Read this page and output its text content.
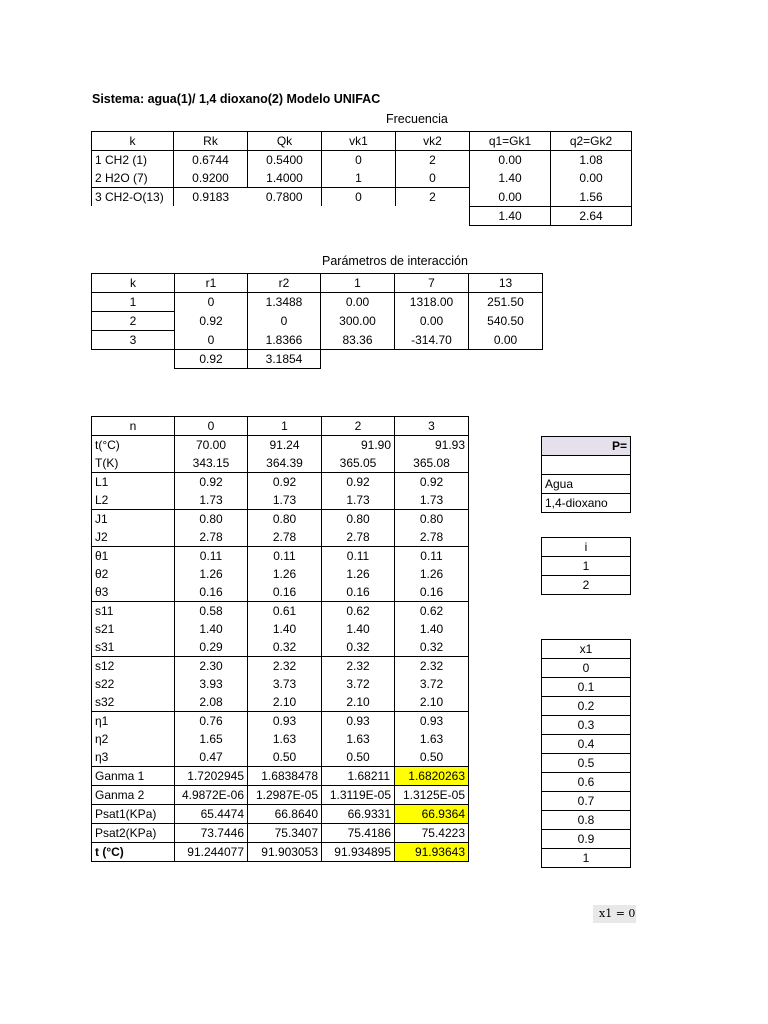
Sistema: agua(1)/ 1,4 dioxano(2) Modelo UNIFAC
Frecuencia
k	Rk	Qk	vk1	vk2	q1=Gk1	q2=Gk2
1 CH2 (1)	0.6744	0.5400	0	2	0.00	1.08
2 H2O (7)	0.9200	1.4000	1	0	1.40	0.00
3 CH2-O(13)	0.9183	0.7800	0	2	0.00	1.56
					1.40	2.64
Parámetros de interacción
k	r1	r2	1	7	13
1	0	1.3488	0.00	1318.00	251.50
2	0.92	0	300.00	0.00	540.50
3	0	1.8366	83.36	-314.70	0.00
	0.92	3.1854			
n	0	1	2	3
t(°C)	70.00	91.24	91.90	91.93
T(K)	343.15	364.39	365.05	365.08
L1	0.92	0.92	0.92	0.92
L2	1.73	1.73	1.73	1.73
J1	0.80	0.80	0.80	0.80
J2	2.78	2.78	2.78	2.78
θ1	0.11	0.11	0.11	0.11
θ2	1.26	1.26	1.26	1.26
θ3	0.16	0.16	0.16	0.16
s11	0.58	0.61	0.62	0.62
s21	1.40	1.40	1.40	1.40
s31	0.29	0.32	0.32	0.32
s12	2.30	2.32	2.32	2.32
s22	3.93	3.73	3.72	3.72
s32	2.08	2.10	2.10	2.10
η1	0.76	0.93	0.93	0.93
η2	1.65	1.63	1.63	1.63
η3	0.47	0.50	0.50	0.50
Ganma 1	1.7202945	1.6838478	1.68211	1.6820263
Ganma 2	4.9872E-06	1.2987E-05	1.3119E-05	1.3125E-05
Psat1(KPa)	65.4474	66.8640	66.9331	66.9364
Psat2(KPa)	73.7446	75.3407	75.4186	75.4223
t (°C)	91.244077	91.903053	91.934895	91.93643
P=

Agua
1,4-dioxano
i
1
2
x1
0
0.1
0.2
0.3
0.4
0.5
0.6
0.7
0.8
0.9
1
x1 = 0
